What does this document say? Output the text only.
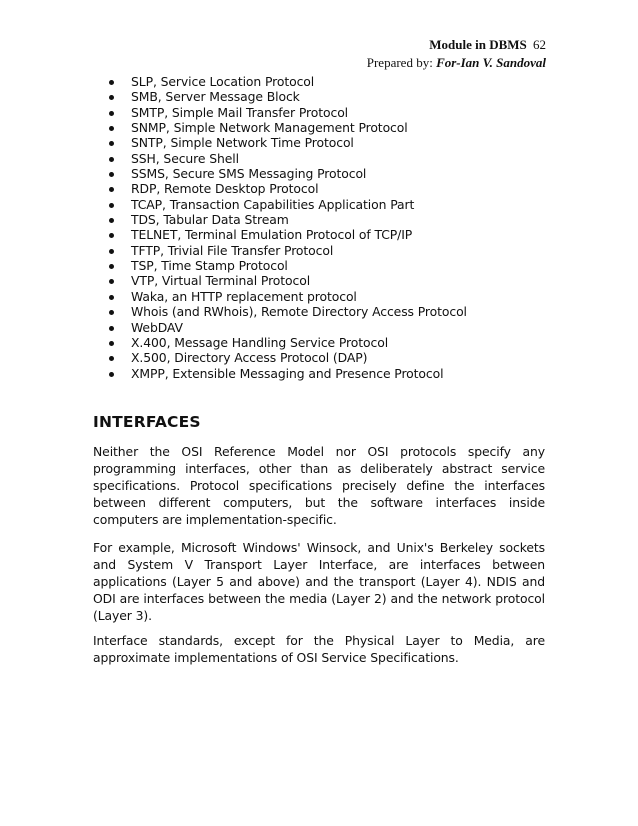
Module in DBMS 62
Prepared by: For-Ian V. Sandoval
SLP, Service Location Protocol
SMB, Server Message Block
SMTP, Simple Mail Transfer Protocol
SNMP, Simple Network Management Protocol
SNTP, Simple Network Time Protocol
SSH, Secure Shell
SSMS, Secure SMS Messaging Protocol
RDP, Remote Desktop Protocol
TCAP, Transaction Capabilities Application Part
TDS, Tabular Data Stream
TELNET, Terminal Emulation Protocol of TCP/IP
TFTP, Trivial File Transfer Protocol
TSP, Time Stamp Protocol
VTP, Virtual Terminal Protocol
Waka, an HTTP replacement protocol
Whois (and RWhois), Remote Directory Access Protocol
WebDAV
X.400, Message Handling Service Protocol
X.500, Directory Access Protocol (DAP)
XMPP, Extensible Messaging and Presence Protocol
INTERFACES

Neither the OSI Reference Model nor OSI protocols specify any programming interfaces, other than as deliberately abstract service specifications. Protocol specifications precisely define the interfaces between different computers, but the software interfaces inside computers are implementation-specific.

For example, Microsoft Windows' Winsock, and Unix's Berkeley sockets and System V Transport Layer Interface, are interfaces between applications (Layer 5 and above) and the transport (Layer 4). NDIS and ODI are interfaces between the media (Layer 2) and the network protocol (Layer 3).

Interface standards, except for the Physical Layer to Media, are approximate implementations of OSI Service Specifications.
